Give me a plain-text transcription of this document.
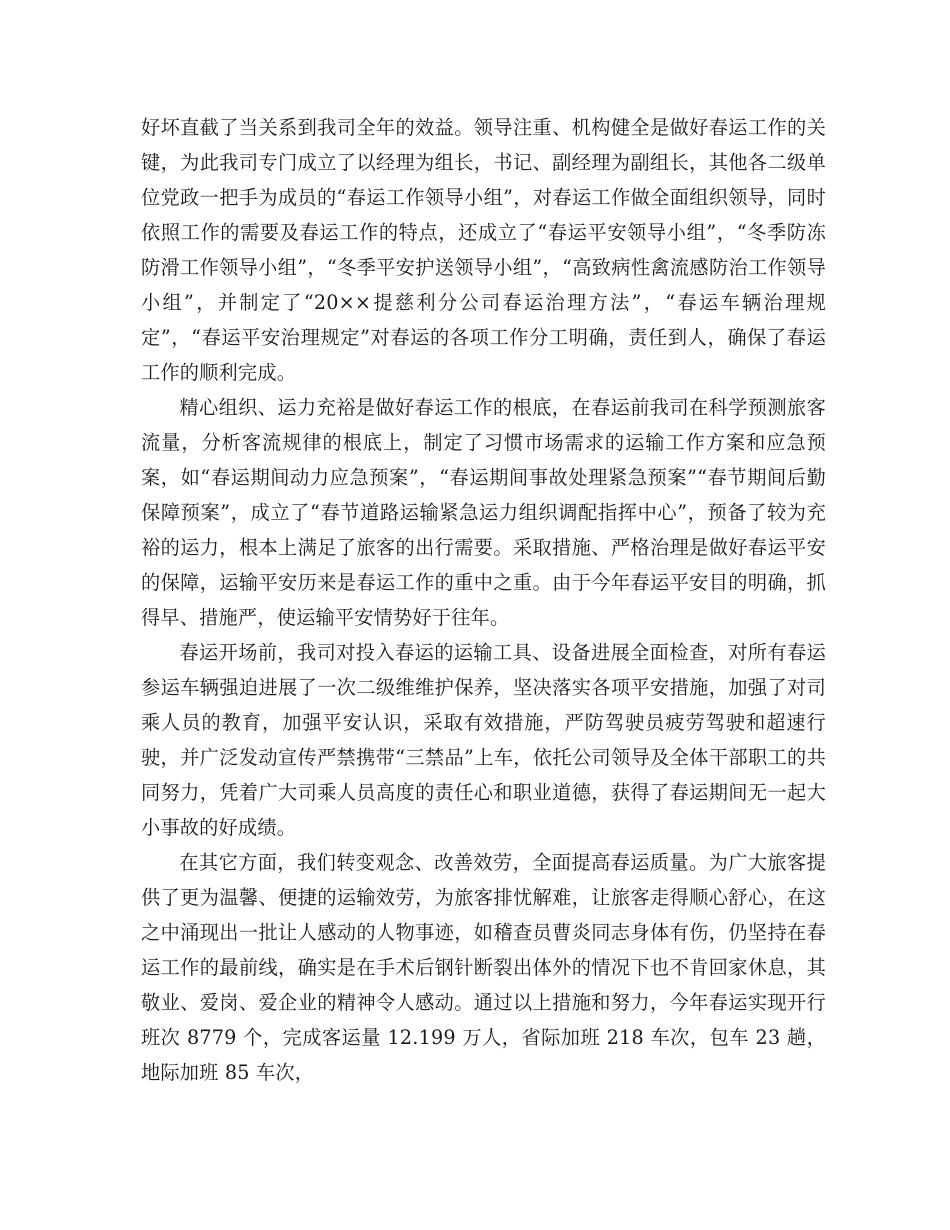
好坏直截了当关系到我司全年的效益。领导注重、机构健全是做好春运工作的关键，为此我司专门成立了以经理为组长，书记、副经理为副组长，其他各二级单位党政一把手为成员的“春运工作领导小组”，对春运工作做全面组织领导，同时依照工作的需要及春运工作的特点，还成立了“春运平安领导小组”，“冬季防冻防滑工作领导小组”，“冬季平安护送领导小组”，“高致病性禽流感防治工作领导小组”，并制定了“20××提慈利分公司春运治理方法”，“春运车辆治理规定”，“春运平安治理规定”对春运的各项工作分工明确，责任到人，确保了春运工作的顺利完成。

精心组织、运力充裕是做好春运工作的根底，在春运前我司在科学预测旅客流量，分析客流规律的根底上，制定了习惯市场需求的运输工作方案和应急预案，如“春运期间动力应急预案”，“春运期间事故处理紧急预案”“春节期间后勤保障预案”，成立了“春节道路运输紧急运力组织调配指挥中心”，预备了较为充裕的运力，根本上满足了旅客的出行需要。采取措施、严格治理是做好春运平安的保障，运输平安历来是春运工作的重中之重。由于今年春运平安目的明确，抓得早、措施严，使运输平安情势好于往年。

春运开场前，我司对投入春运的运输工具、设备进展全面检查，对所有春运参运车辆强迫进展了一次二级维维护保养，坚决落实各项平安措施，加强了对司乘人员的教育，加强平安认识，采取有效措施，严防驾驶员疲劳驾驶和超速行驶，并广泛发动宣传严禁携带“三禁品”上车，依托公司领导及全体干部职工的共同努力，凭着广大司乘人员高度的责任心和职业道德，获得了春运期间无一起大小事故的好成绩。

在其它方面，我们转变观念、改善效劳，全面提高春运质量。为广大旅客提供了更为温馨、便捷的运输效劳，为旅客排忧解难，让旅客走得顺心舒心，在这之中涌现出一批让人感动的人物事迹，如稽查员曹炎同志身体有伤，仍坚持在春运工作的最前线，确实是在手术后钢针断裂出体外的情况下也不肯回家休息，其敬业、爱岗、爱企业的精神令人感动。通过以上措施和努力，今年春运实现开行班次 8779 个，完成客运量 12.199 万人，省际加班 218 车次，包车 23 趟，地际加班 85 车次，
